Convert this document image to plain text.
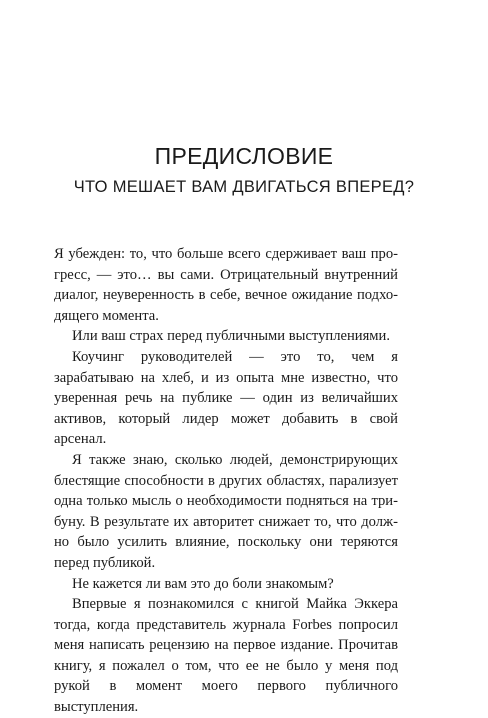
ПРЕДИСЛОВИЕ
ЧТО МЕШАЕТ ВАМ ДВИГАТЬСЯ ВПЕРЕД?

Я убежден: то, что больше всего сдерживает ваш прогресс, — это… вы сами. Отрицательный внутренний диалог, неуверенность в себе, вечное ожидание подходящего момента.

Или ваш страх перед публичными выступлениями.

Коучинг руководителей — это то, чем я зарабатываю на хлеб, и из опыта мне известно, что уверенная речь на публике — один из величайших активов, который лидер может добавить в свой арсенал.

Я также знаю, сколько людей, демонстрирующих блестящие способности в других областях, парализует одна только мысль о необходимости подняться на трибуну. В результате их авторитет снижает то, что должно было усилить влияние, поскольку они теряются перед публикой.

Не кажется ли вам это до боли знакомым?

Впервые я познакомился с книгой Майка Эккера тогда, когда представитель журнала Forbes попросил меня написать рецензию на первое издание. Прочитав книгу, я пожалел о том, что ее не было у меня под рукой в момент моего первого публичного выступления.
